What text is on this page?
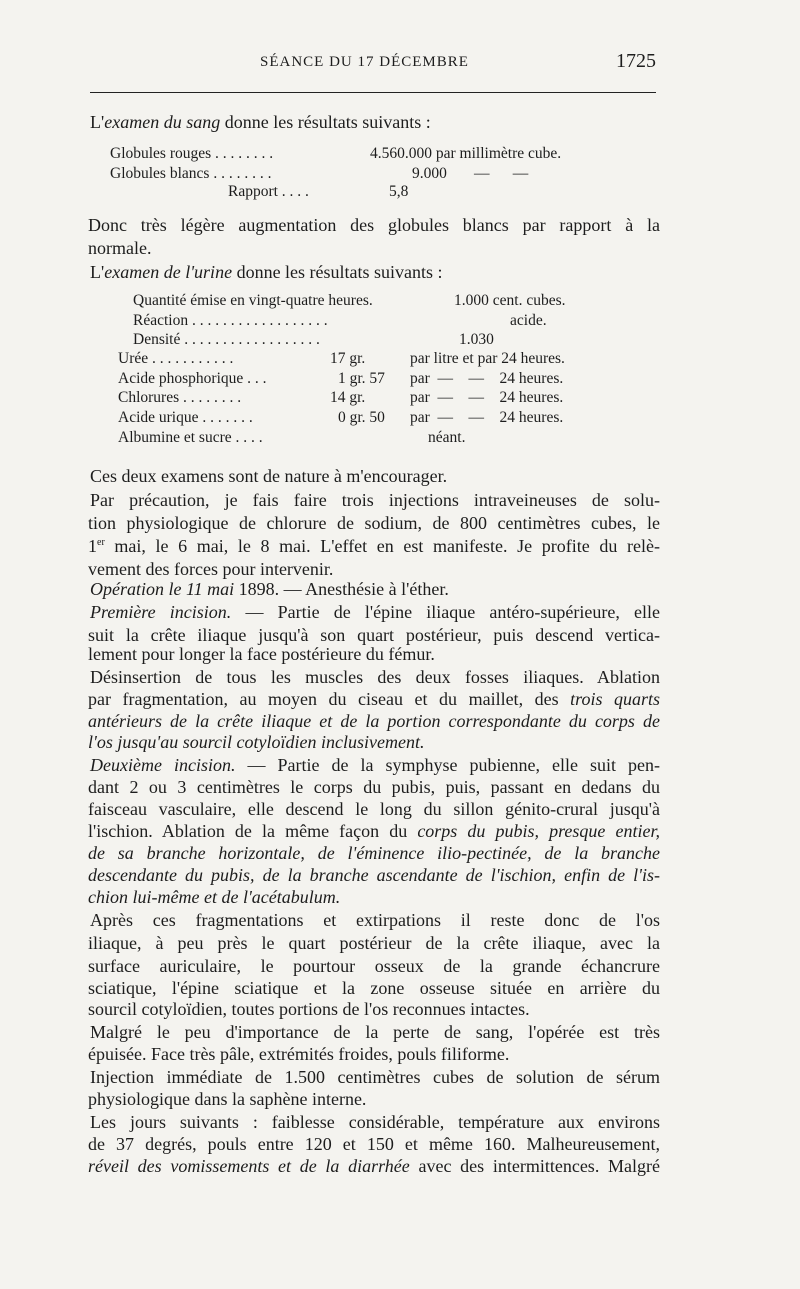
SÉANCE DU 17 DÉCEMBRE	1725
L'examen du sang donne les résultats suivants :
Globules rouges . . . . . . . .	4.560.000 par millimètre cube.
Globules blancs . . . . . . . .	9.000       —      —
Rapport . . . .	5,8
Donc très légère augmentation des globules blancs par rapport à la
normale.
L'examen de l'urine donne les résultats suivants :
Quantité émise en vingt-quatre heures.	1.000 cent. cubes.
Réaction . . . . . . . . . . . . . . . . . .	acide.
Densité . . . . . . . . . . . . . . . . . .	1.030
Urée . . . . . . . . . . .	17 gr.	par litre et par 24 heures.
Acide phosphorique . . .	1 gr. 57 par  —    —    24 heures.
Chlorures . . . . . . . .	14 gr.	par  —    —    24 heures.
Acide urique . . . . . . .	0 gr. 50 par  —    —    24 heures.
Albumine et sucre . . . .	néant.
Ces deux examens sont de nature à m'encourager.
Par précaution, je fais faire trois injections intraveineuses de solu-
tion physiologique de chlorure de sodium, de 800 centimètres cubes, le
1er mai, le 6 mai, le 8 mai. L'effet en est manifeste. Je profite du relè-
vement des forces pour intervenir.
Opération le 11 mai 1898. — Anesthésie à l'éther.
Première incision. — Partie de l'épine iliaque antéro-supérieure, elle
suit la crête iliaque jusqu'à son quart postérieur, puis descend vertica-
lement pour longer la face postérieure du fémur.
Désinsertion de tous les muscles des deux fosses iliaques. Ablation
par fragmentation, au moyen du ciseau et du maillet, des trois quarts
antérieurs de la crête iliaque et de la portion correspondante du corps de
l'os jusqu'au sourcil cotyloïdien inclusivement.
Deuxième incision. — Partie de la symphyse pubienne, elle suit pen-
dant 2 ou 3 centimètres le corps du pubis, puis, passant en dedans du
faisceau vasculaire, elle descend le long du sillon génito-crural jusqu'à
l'ischion. Ablation de la même façon du corps du pubis, presque entier,
de sa branche horizontale, de l'éminence ilio-pectinée, de la branche
descendante du pubis, de la branche ascendante de l'ischion, enfin de l'is-
chion lui-même et de l'acétabulum.
Après ces fragmentations et extirpations il reste donc de l'os
iliaque, à peu près le quart postérieur de la crête iliaque, avec la
surface auriculaire, le pourtour osseux de la grande échancrure
sciatique, l'épine sciatique et la zone osseuse située en arrière du
sourcil cotyloïdien, toutes portions de l'os reconnues intactes.
Malgré le peu d'importance de la perte de sang, l'opérée est très
épuisée. Face très pâle, extrémités froides, pouls filiforme.
Injection immédiate de 1.500 centimètres cubes de solution de sérum
physiologique dans la saphène interne.
Les jours suivants : faiblesse considérable, température aux environs
de 37 degrés, pouls entre 120 et 150 et même 160. Malheureusement,
réveil des vomissements et de la diarrhée avec des intermittences. Malgré
